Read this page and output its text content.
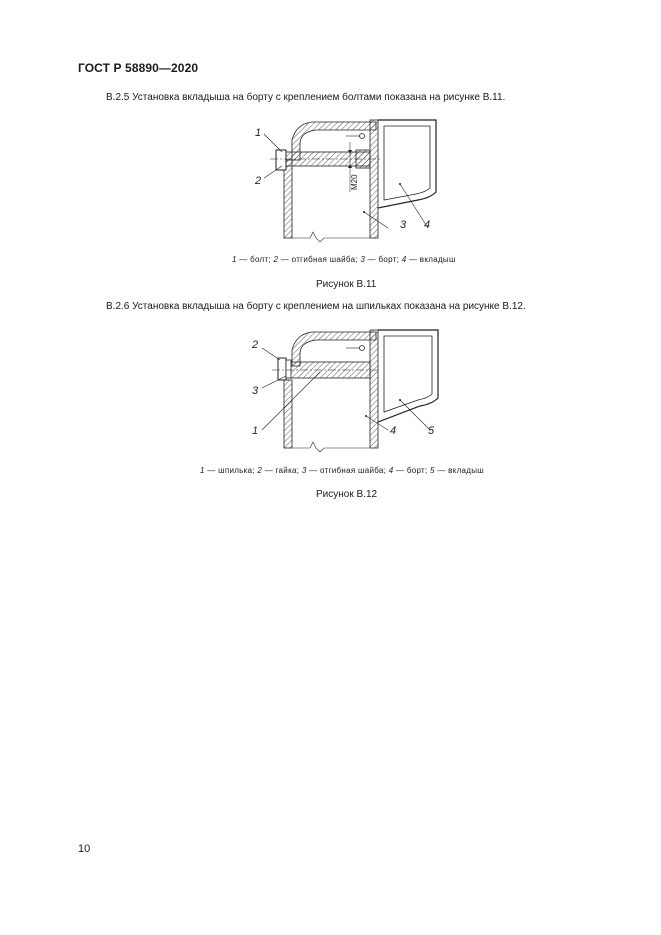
ГОСТ Р 58890—2020
В.2.5 Установка вкладыша на борту с креплением болтами показана на рисунке В.11.
M20
1
2
3 4
1 — болт; 2 — отгибная шайба; 3 — борт; 4 — вкладыш
Рисунок В.11
В.2.6 Установка вкладыша на борту с креплением на шпильках показана на рисунке В.12.
2
3
1	4	5
1 — шпилька; 2 — гайка; 3 — отгибная шайба; 4 — борт; 5 — вкладыш
Рисунок В.12
10
